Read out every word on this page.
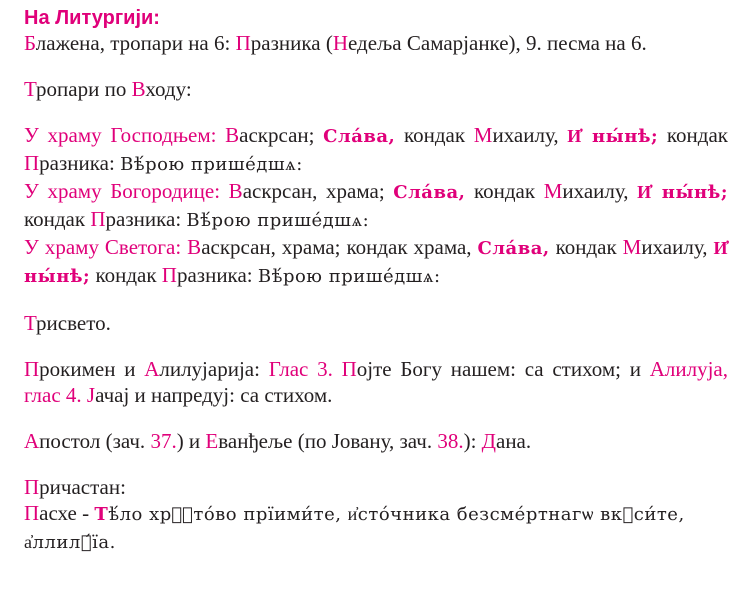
На Литургији:

Блажена, тропари на 6: Празника (Недеља Самарјанке), 9. песма на 6.

Тропари по Входу:

У храму Господњем: Васкрсан; Сла́ва, кондак Михаилу, И҆ ны́нѣ; кондак Празника: Вѣ́рою прише́дшѧ:
У храму Богородице: Васкрсан, храма; Сла́ва, кондак Михаилу, И҆ ны́нѣ; кондак Празника: Вѣ́рою прише́дшѧ:
У храму Светога: Васкрсан, храма; кондак храма, Сла́ва, кондак Михаилу, И҆ ны́нѣ; кондак Празника: Вѣ́рою прише́дшѧ:

Трисвето.

Прокимен и Алилујарија: Глас 3. Појте Богу нашем: са стихом; и Алилуја, глас 4. Јачај и напредуј: са стихом.

Апостол (зач. 37.) и Еванђеље (по Јовану, зач. 38.): Дана.

Причастан:
Пасхе - Тѣ́ло хрⷭ҇то́во прїими́те, и҆сто́чника безсме́ртнагѡ вкꙋси́те, а҆ллилꙋ́їа.
